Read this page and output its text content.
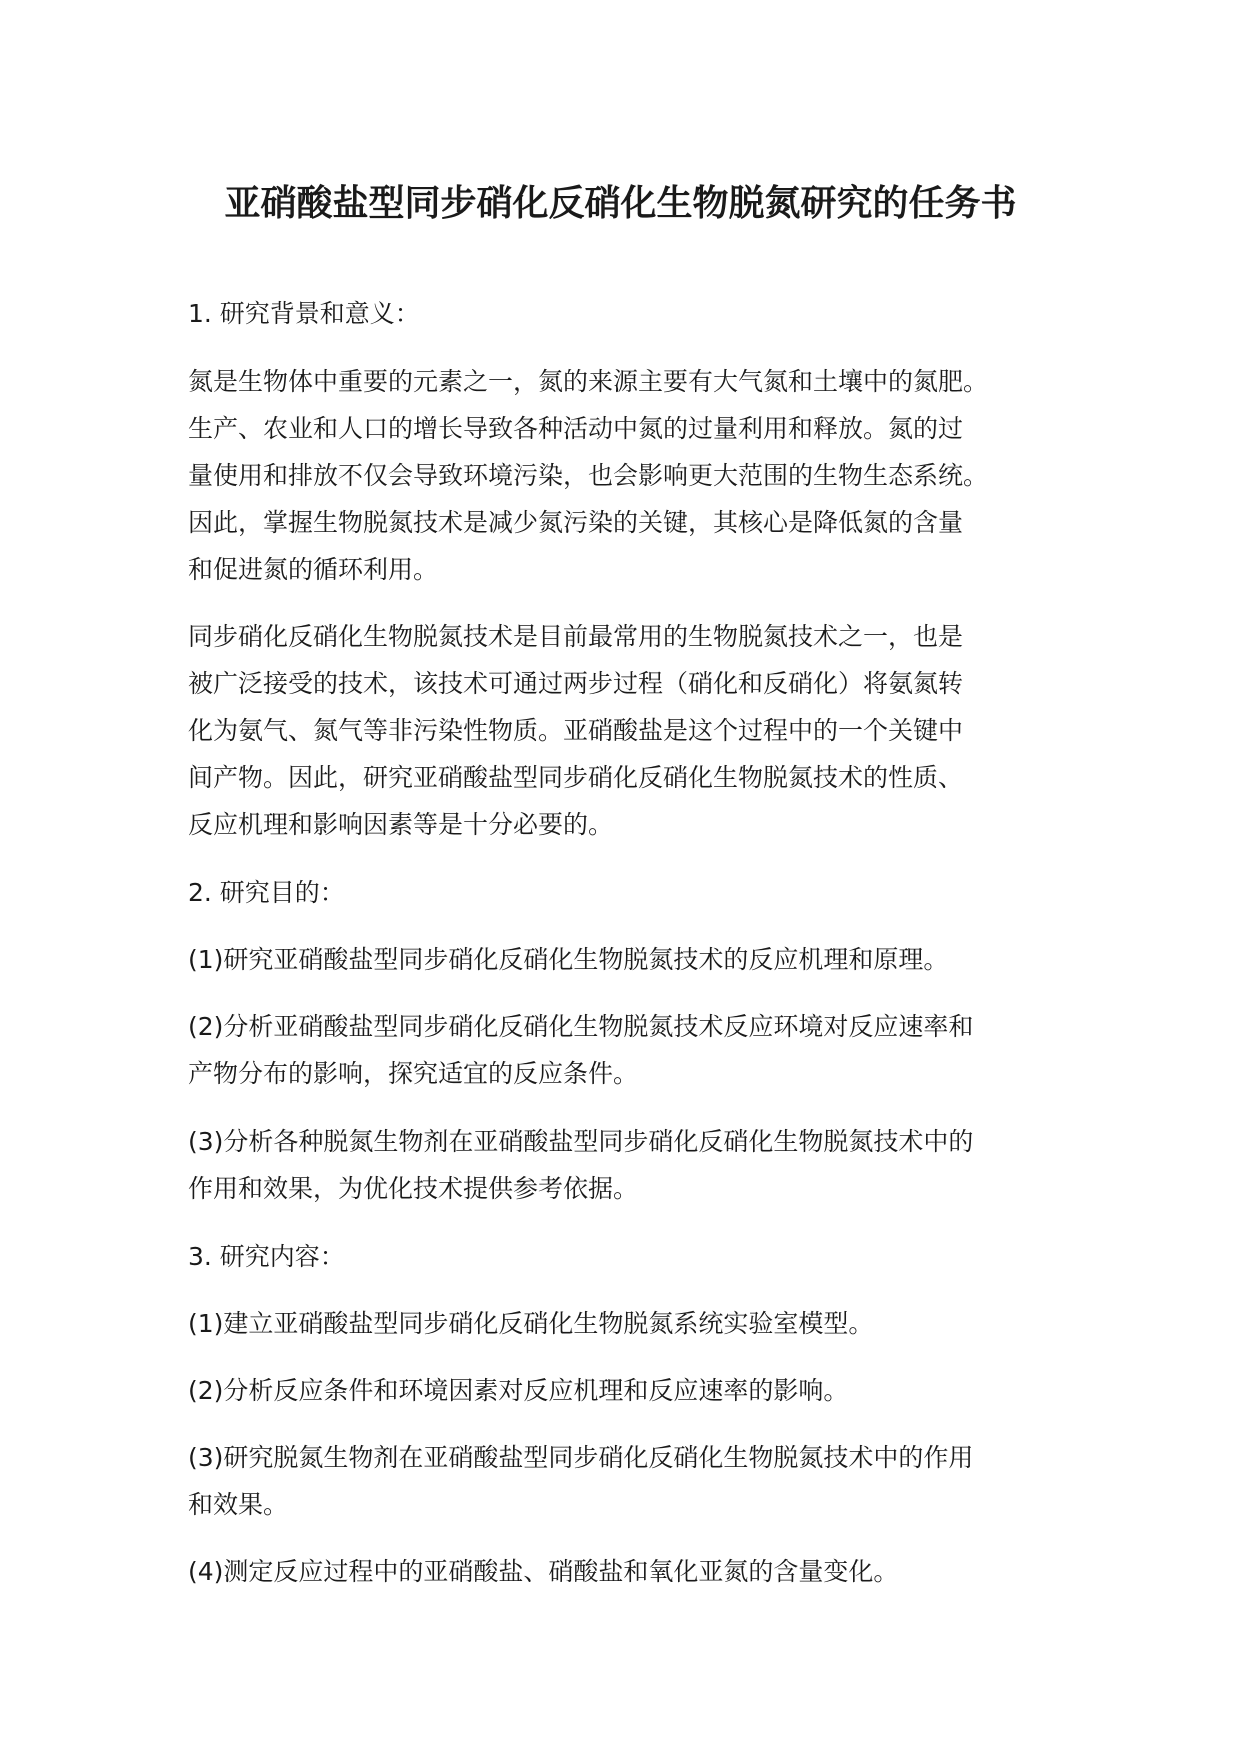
亚硝酸盐型同步硝化反硝化生物脱氮研究的任务书

1. 研究背景和意义：

氮是生物体中重要的元素之一，氮的来源主要有大气氮和土壤中的氮肥。
生产、农业和人口的增长导致各种活动中氮的过量利用和释放。氮的过
量使用和排放不仅会导致环境污染，也会影响更大范围的生物生态系统。
因此，掌握生物脱氮技术是减少氮污染的关键，其核心是降低氮的含量
和促进氮的循环利用。

同步硝化反硝化生物脱氮技术是目前最常用的生物脱氮技术之一，也是
被广泛接受的技术，该技术可通过两步过程（硝化和反硝化）将氨氮转
化为氨气、氮气等非污染性物质。亚硝酸盐是这个过程中的一个关键中
间产物。因此，研究亚硝酸盐型同步硝化反硝化生物脱氮技术的性质、
反应机理和影响因素等是十分必要的。

2. 研究目的：

(1)研究亚硝酸盐型同步硝化反硝化生物脱氮技术的反应机理和原理。

(2)分析亚硝酸盐型同步硝化反硝化生物脱氮技术反应环境对反应速率和
产物分布的影响，探究适宜的反应条件。

(3)分析各种脱氮生物剂在亚硝酸盐型同步硝化反硝化生物脱氮技术中的
作用和效果，为优化技术提供参考依据。

3. 研究内容：

(1)建立亚硝酸盐型同步硝化反硝化生物脱氮系统实验室模型。

(2)分析反应条件和环境因素对反应机理和反应速率的影响。

(3)研究脱氮生物剂在亚硝酸盐型同步硝化反硝化生物脱氮技术中的作用
和效果。

(4)测定反应过程中的亚硝酸盐、硝酸盐和氧化亚氮的含量变化。
